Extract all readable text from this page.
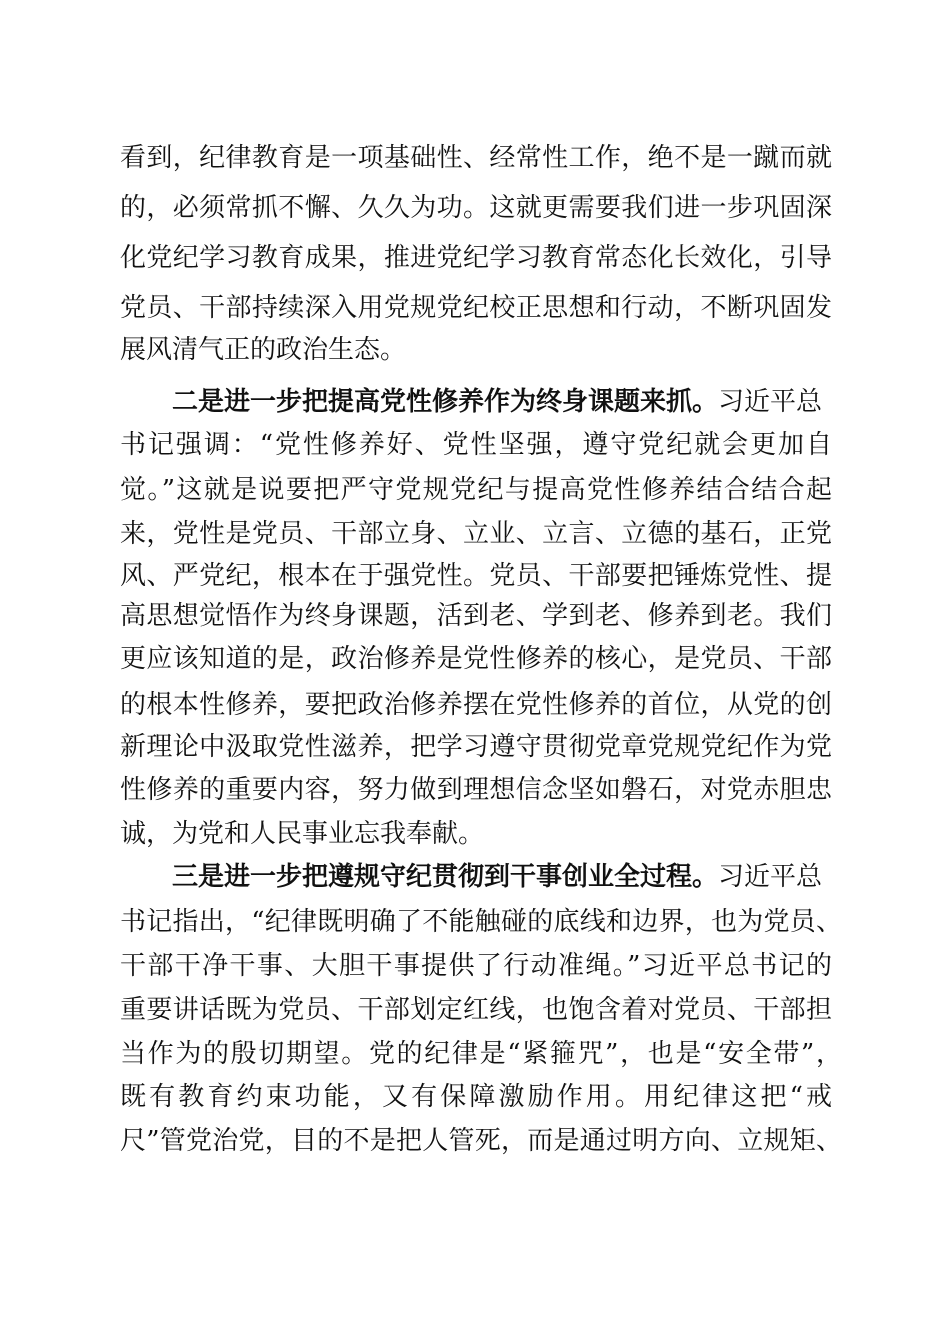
看到，纪律教育是一项基础性、经常性工作，绝不是一蹴而就
的，必须常抓不懈、久久为功。这就更需要我们进一步巩固深
化党纪学习教育成果，推进党纪学习教育常态化长效化，引导
党员、干部持续深入用党规党纪校正思想和行动，不断巩固发
展风清气正的政治生态。
二是进一步把提高党性修养作为终身课题来抓。习近平总
书记强调：“党性修养好、党性坚强，遵守党纪就会更加自
觉。”这就是说要把严守党规党纪与提高党性修养结合结合起
来，党性是党员、干部立身、立业、立言、立德的基石，正党
风、严党纪，根本在于强党性。党员、干部要把锤炼党性、提
高思想觉悟作为终身课题，活到老、学到老、修养到老。我们
更应该知道的是，政治修养是党性修养的核心，是党员、干部
的根本性修养，要把政治修养摆在党性修养的首位，从党的创
新理论中汲取党性滋养，把学习遵守贯彻党章党规党纪作为党
性修养的重要内容，努力做到理想信念坚如磐石，对党赤胆忠
诚，为党和人民事业忘我奉献。
三是进一步把遵规守纪贯彻到干事创业全过程。习近平总
书记指出，“纪律既明确了不能触碰的底线和边界，也为党员、
干部干净干事、大胆干事提供了行动准绳。”习近平总书记的
重要讲话既为党员、干部划定红线，也饱含着对党员、干部担
当作为的殷切期望。党的纪律是“紧箍咒”，也是“安全带”，
既有教育约束功能，又有保障激励作用。用纪律这把“戒
尺”管党治党，目的不是把人管死，而是通过明方向、立规矩、
